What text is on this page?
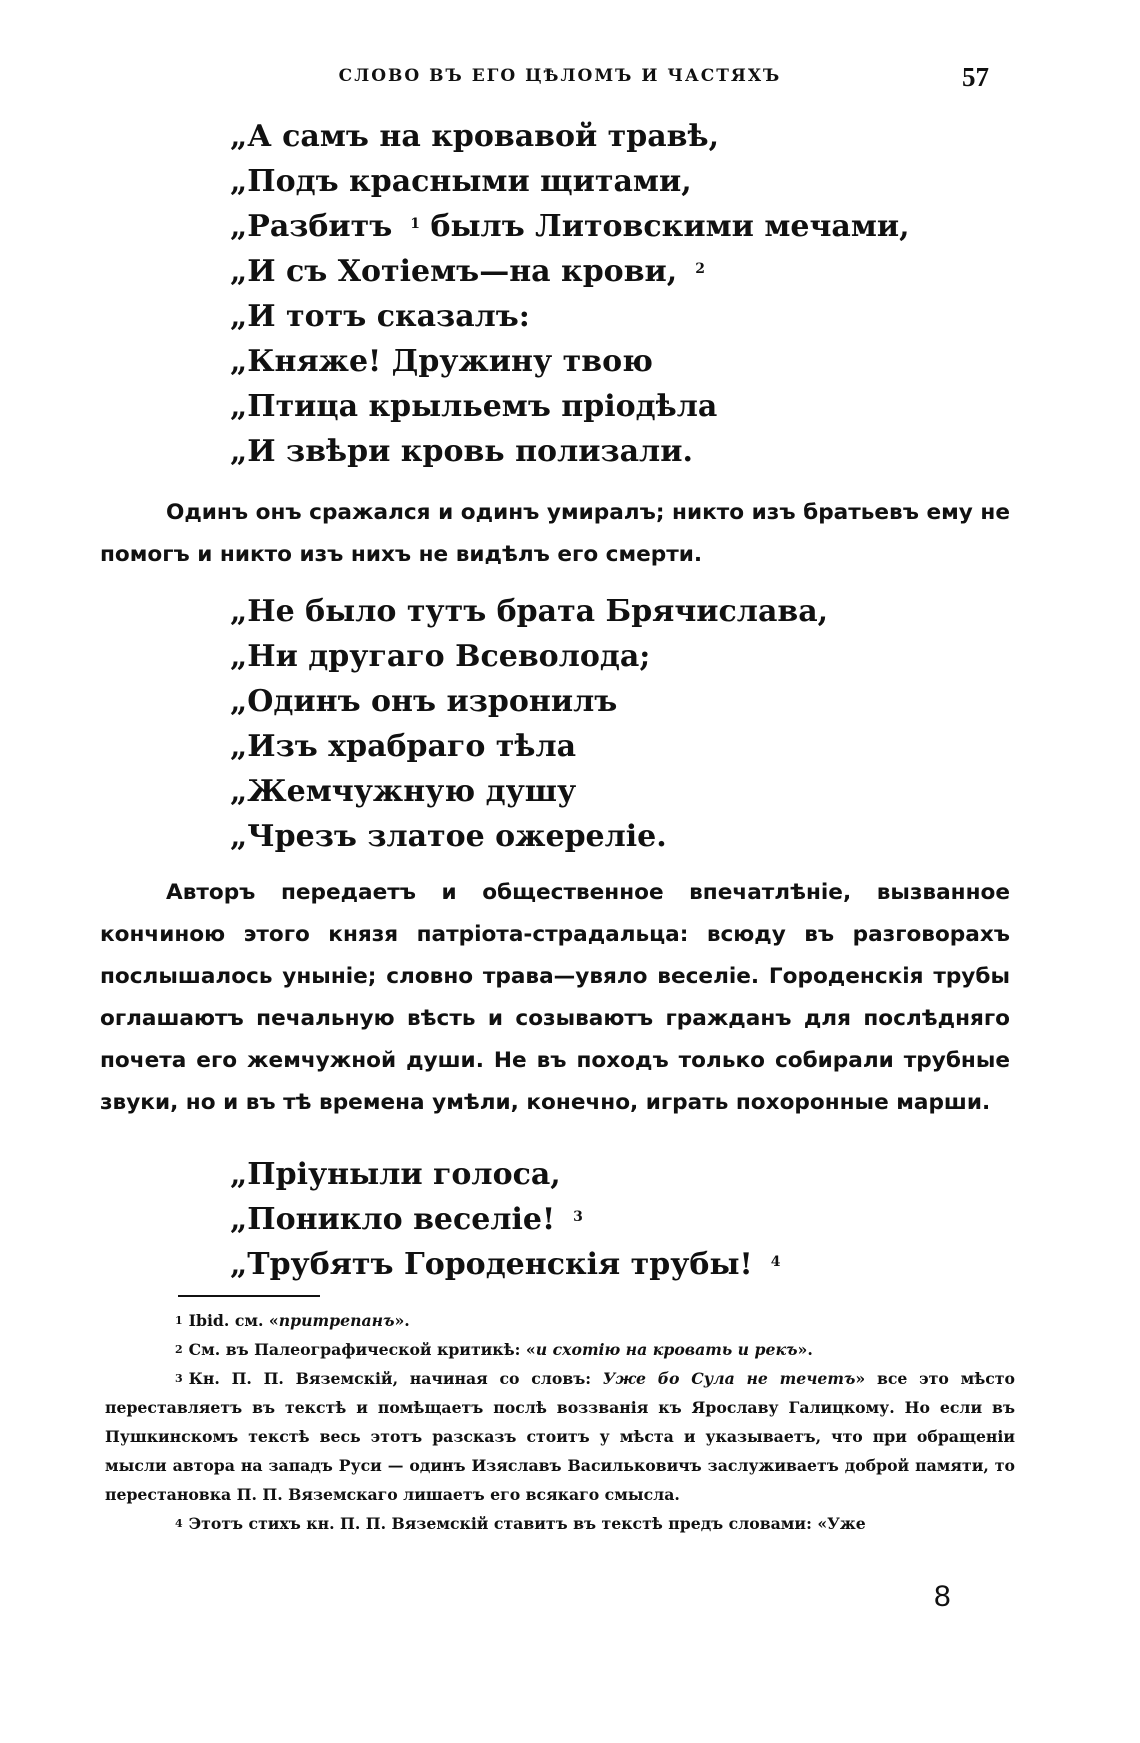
СЛОВО ВЪ ЕГО ЦѢЛОМЪ И ЧАСТЯХЪ	57
„А самъ на кровавой травѣ,
„Подъ красными щитами,
„Разбитъ $^1$ былъ Литовскими мечами,
„И съ Хотіемъ—на крови, $^2$
„И тотъ сказалъ:
„Княже! Дружину твою
„Птица крыльемъ пріодѣла
„И звѣри кровь полизали.

Одинъ онъ сражался и одинъ умиралъ; никто изъ братьевъ ему не помогъ и никто изъ нихъ не видѣлъ его смерти.

„Не было тутъ брата Брячислава,
„Ни другаго Всеволода;
„Одинъ онъ изронилъ
„Изъ храбраго тѣла
„Жемчужную душу
„Чрезъ златое ожереліе.

Авторъ передаетъ и общественное впечатлѣніе, вызванное кончиною этого князя патріота-страдальца: всюду въ разговорахъ послышалось уныніе; словно трава—увяло веселіе. Городенскія трубы оглашаютъ печальную вѣсть и созываютъ гражданъ для послѣдняго почета его жемчужной души. Не въ походъ только собирали трубные звуки, но и въ тѣ времена умѣли, конечно, играть похоронные марши.

„Пріуныли голоса,
„Поникло веселіе! $^3$
„Трубятъ Городенскія трубы! $^4$

$^1$ Ibid. см. «притрепанъ».

$^2$ См. въ Палеографической критикѣ: «и схотію на кровать и рекъ».

$^3$ Кн. П. П. Вяземскій, начиная со словъ: Уже бо Сула не течетъ» все это мѣсто переставляетъ въ текстѣ и помѣщаетъ послѣ воззванія къ Ярославу Галицкому. Но если въ Пушкинскомъ текстѣ весь этотъ разсказъ стоитъ у мѣста и указываетъ, что при обращеніи мысли автора на западъ Руси — одинъ Изяславъ Васильковичъ заслуживаетъ доброй памяти, то перестановка П. П. Вяземскаго лишаетъ его всякаго смысла.

$^4$ Этотъ стихъ кн. П. П. Вяземскій ставитъ въ текстѣ предъ словами: «Уже

8
